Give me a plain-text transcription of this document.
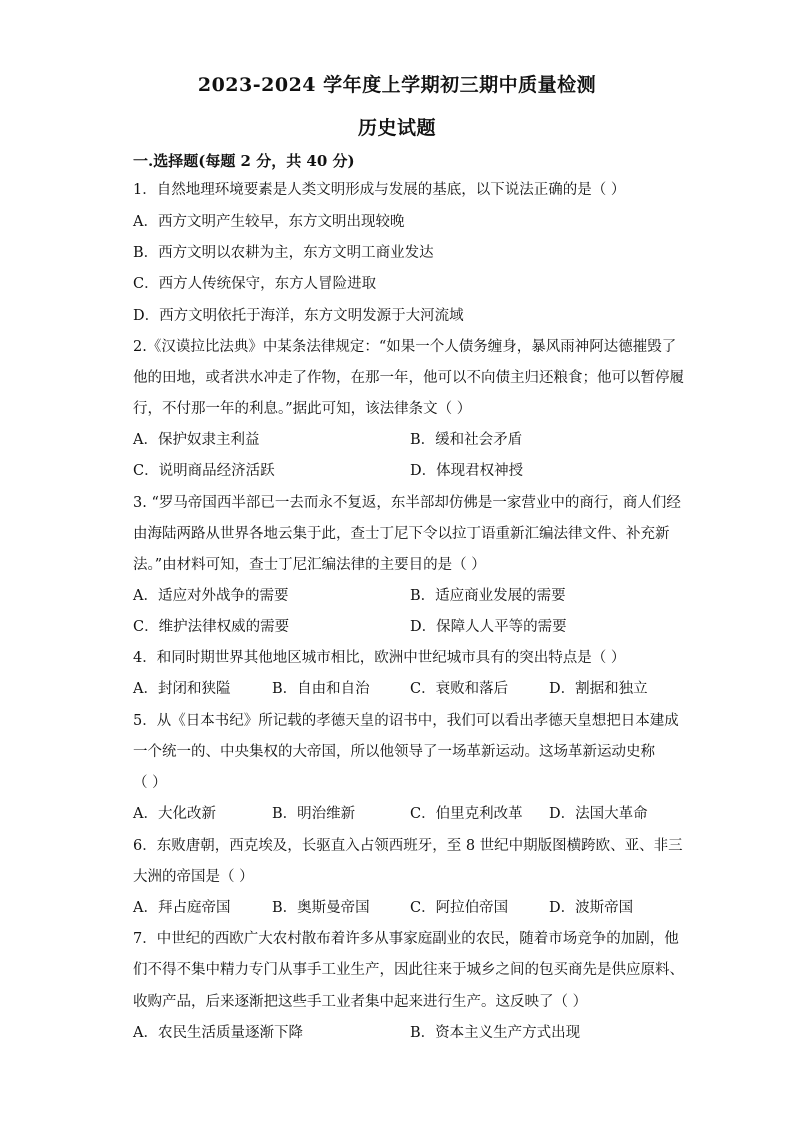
2023-2024 学年度上学期初三期中质量检测
历史试题
一.选择题(每题 2 分，共 40 分)
1．自然地理环境要素是人类文明形成与发展的基底，以下说法正确的是（ ）
A．西方文明产生较早，东方文明出现较晚
B．西方文明以农耕为主，东方文明工商业发达
C．西方人传统保守，东方人冒险进取
D．西方文明依托于海洋，东方文明发源于大河流域
2.《汉谟拉比法典》中某条法律规定：“如果一个人债务缠身，暴风雨神阿达德摧毁了
他的田地，或者洪水冲走了作物，在那一年，他可以不向债主归还粮食；他可以暂停履
行，不付那一年的利息。”据此可知，该法律条文（ ）
A．保护奴隶主利益	B．缓和社会矛盾
C．说明商品经济活跃	D．体现君权神授
3. “罗马帝国西半部已一去而永不复返，东半部却仿佛是一家营业中的商行，商人们经
由海陆两路从世界各地云集于此，查士丁尼下令以拉丁语重新汇编法律文件、补充新
法。”由材料可知，查士丁尼汇编法律的主要目的是（ ）
A．适应对外战争的需要	B．适应商业发展的需要
C．维护法律权威的需要	D．保障人人平等的需要
4．和同时期世界其他地区城市相比，欧洲中世纪城市具有的突出特点是（ ）
A．封闭和狭隘	B．自由和自治	C．衰败和落后	D．割据和独立
5．从《日本书纪》所记载的孝德天皇的诏书中，我们可以看出孝德天皇想把日本建成
一个统一的、中央集权的大帝国，所以他领导了一场革新运动。这场革新运动史称
（ ）
A．大化改新	B．明治维新	C．伯里克利改革 D．法国大革命
6．东败唐朝，西克埃及，长驱直入占领西班牙，至 8 世纪中期版图横跨欧、亚、非三
大洲的帝国是（ ）
A．拜占庭帝国	B．奥斯曼帝国	C．阿拉伯帝国	D．波斯帝国
7．中世纪的西欧广大农村散布着许多从事家庭副业的农民，随着市场竞争的加剧，他
们不得不集中精力专门从事手工业生产，因此往来于城乡之间的包买商先是供应原料、
收购产品，后来逐渐把这些手工业者集中起来进行生产。这反映了（ ）
A．农民生活质量逐渐下降	B．资本主义生产方式出现
